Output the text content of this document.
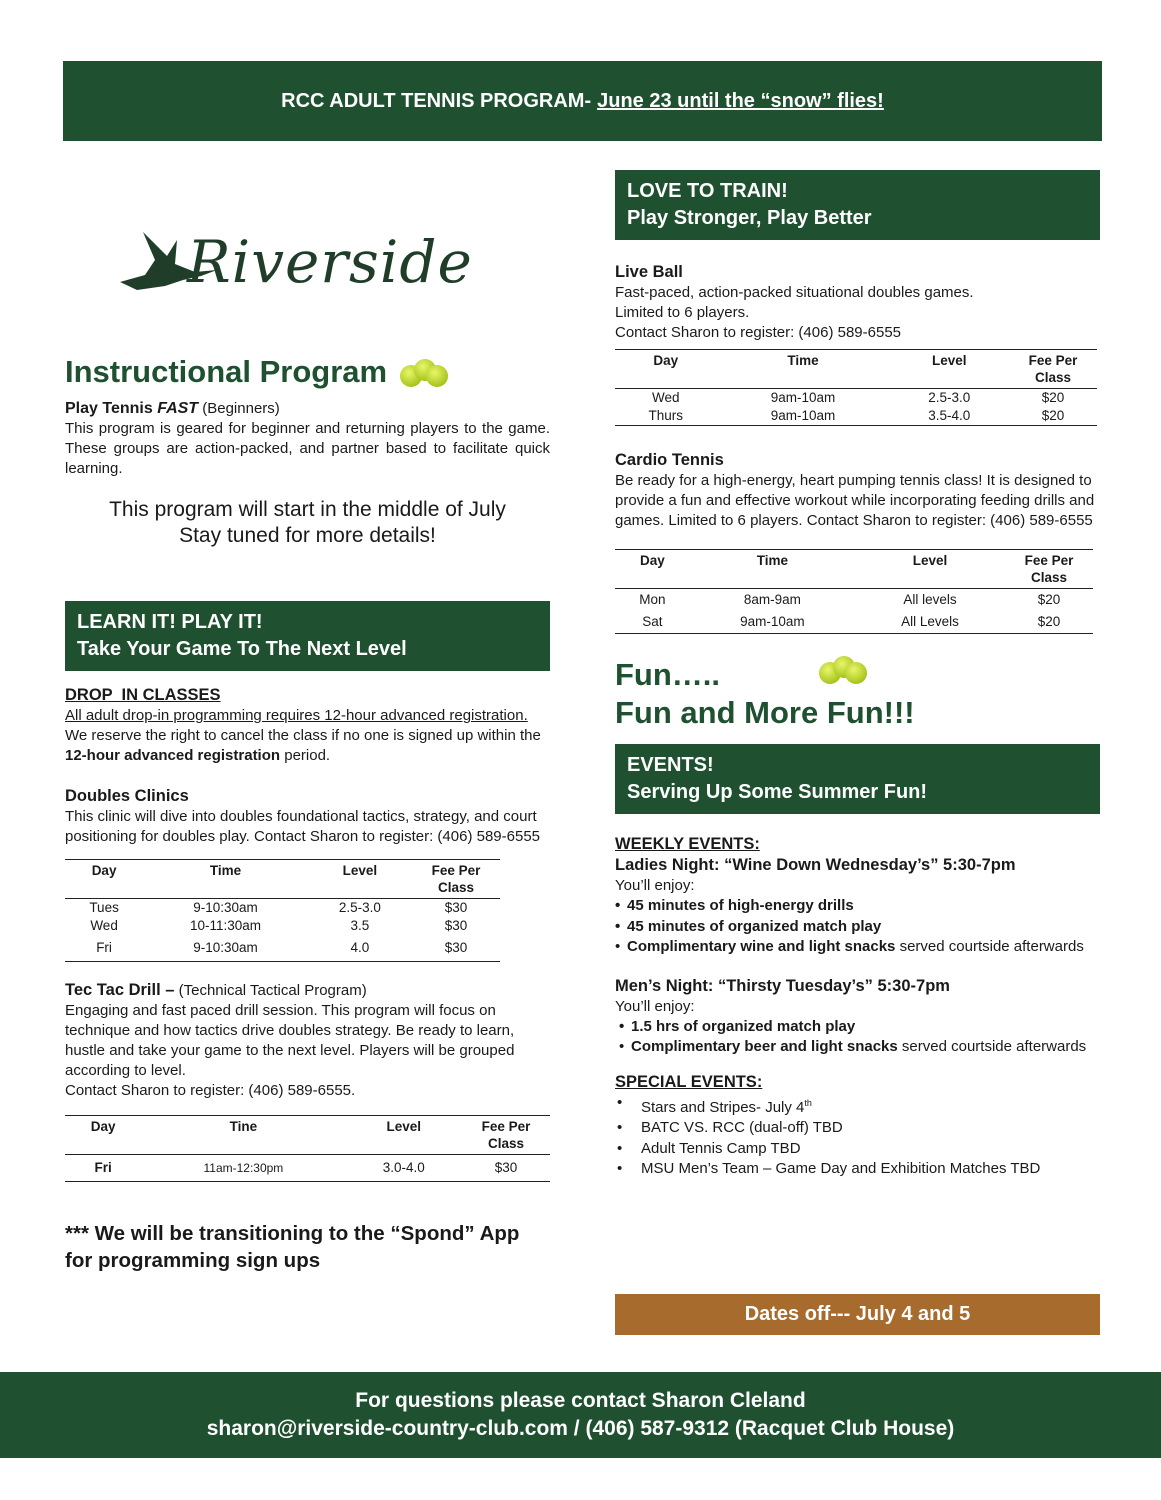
RCC ADULT TENNIS PROGRAM- June 23 until the “snow” flies!
Riverside
Instructional Program

Play Tennis FAST (Beginners)

This program is geared for beginner and returning players to the game. These groups are action-packed, and partner based to facilitate quick learning.

This program will start in the middle of July
Stay tuned for more details!
LEARN IT! PLAY IT!
Take Your Game To The Next Level

DROP  IN CLASSES

All adult drop-in programming requires 12-hour advanced registration. We reserve the right to cancel the class if no one is signed up within the 12-hour advanced registration period.

Doubles Clinics

This clinic will dive into doubles foundational tactics, strategy, and court positioning for doubles play. Contact Sharon to register: (406) 589-6555

Day	Time	Level	Fee Per Class
Tues	9-10:30am	2.5-3.0	$30
Wed	10-11:30am	3.5	$30
Fri	9-10:30am	4.0	$30

Tec Tac Drill – (Technical Tactical Program)

Engaging and fast paced drill session. This program will focus on technique and how tactics drive doubles strategy. Be ready to learn, hustle and take your game to the next level. Players will be grouped according to level.

Contact Sharon to register: (406) 589-6555.

Day	Tine	Level	Fee Per Class
Fri	11am-12:30pm	3.0-4.0	$30
*** We will be transitioning to the “Spond” App for programming sign ups
LOVE TO TRAIN!
Play Stronger, Play Better

Live Ball

Fast-paced, action-packed situational doubles games.

Limited to 6 players.

Contact Sharon to register: (406) 589-6555

Day	Time	Level	Fee Per Class
Wed	9am-10am	2.5-3.0	$20
Thurs	9am-10am	3.5-4.0	$20

Cardio Tennis

Be ready for a high-energy, heart pumping tennis class! It is designed to provide a fun and effective workout while incorporating feeding drills and games. Limited to 6 players. Contact Sharon to register: (406) 589-6555

Day	Time	Level	Fee Per Class
Mon	8am-9am	All levels	$20
Sat	9am-10am	All Levels	$20
Fun…..
Fun and More Fun!!!
EVENTS!
Serving Up Some Summer Fun!

WEEKLY EVENTS:

Ladies Night: “Wine Down Wednesday’s” 5:30-7pm

You’ll enjoy:

• 45 minutes of high-energy drills
• 45 minutes of organized match play
• Complimentary wine and light snacks served courtside afterwards

Men’s Night: “Thirsty Tuesday’s” 5:30-7pm

You’ll enjoy:

• 1.5 hrs of organized match play
• Complimentary beer and light snacks served courtside afterwards

SPECIAL EVENTS:

• Stars and Stripes- July 4th
• BATC VS. RCC (dual-off) TBD
• Adult Tennis Camp TBD
• MSU Men’s Team – Game Day and Exhibition Matches TBD
Dates off--- July 4 and 5
For questions please contact Sharon Cleland
sharon@riverside-country-club.com / (406) 587-9312 (Racquet Club House)
